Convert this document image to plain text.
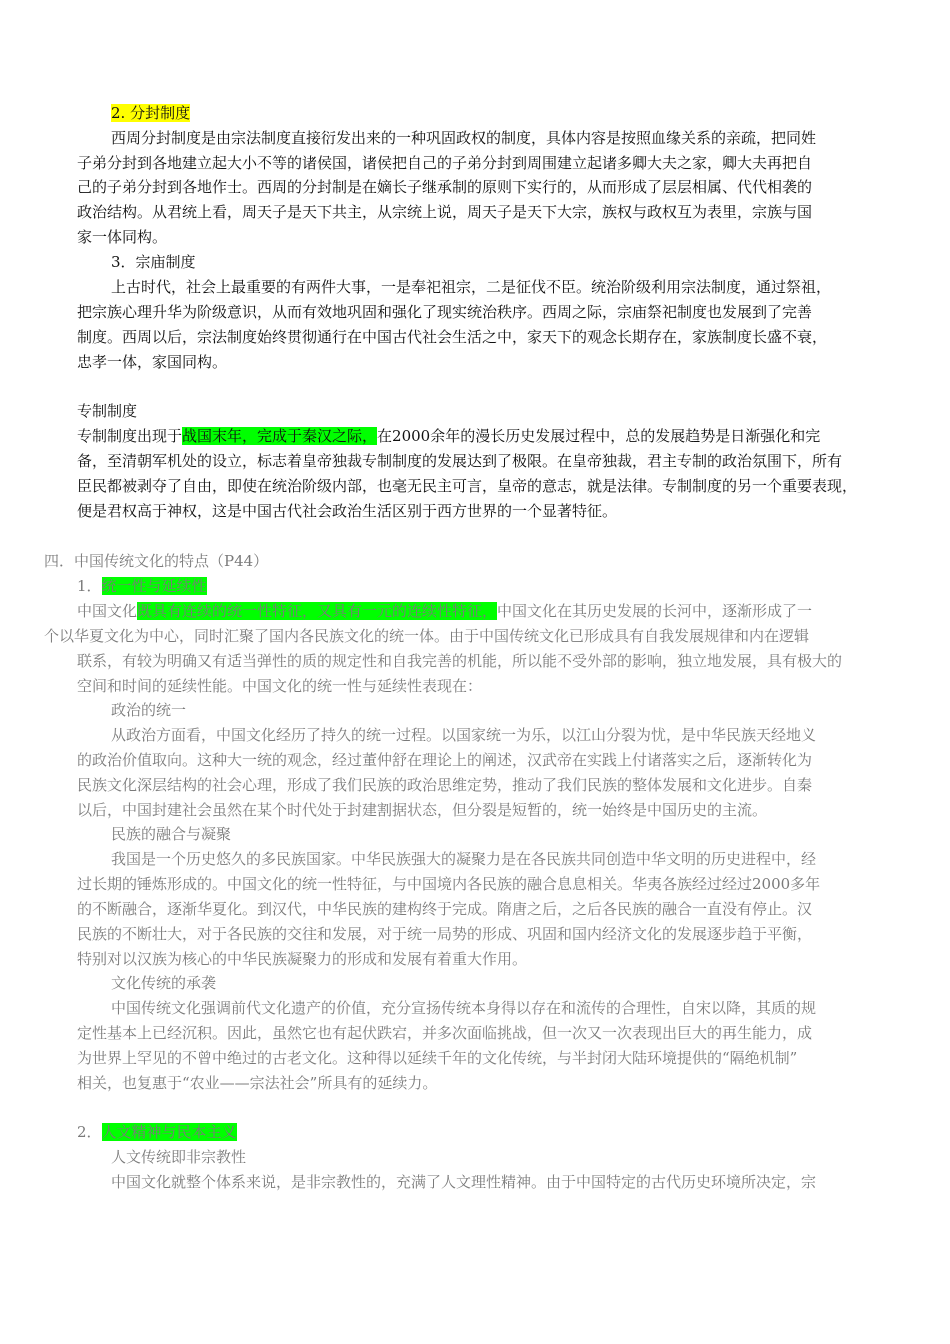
2. 分封制度
西周分封制度是由宗法制度直接衍发出来的一种巩固政权的制度，具体内容是按照血缘关系的亲疏，把同姓
子弟分封到各地建立起大小不等的诸侯国，诸侯把自己的子弟分封到周围建立起诸多卿大夫之家，卿大夫再把自
己的子弟分封到各地作士。西周的分封制是在嫡长子继承制的原则下实行的，从而形成了层层相属、代代相袭的
政治结构。从君统上看，周天子是天下共主，从宗统上说，周天子是天下大宗，族权与政权互为表里，宗族与国
家一体同构。
3．宗庙制度
上古时代，社会上最重要的有两件大事，一是奉祀祖宗，二是征伐不臣。统治阶级利用宗法制度，通过祭祖，
把宗族心理升华为阶级意识，从而有效地巩固和强化了现实统治秩序。西周之际，宗庙祭祀制度也发展到了完善
制度。西周以后，宗法制度始终贯彻通行在中国古代社会生活之中，家天下的观念长期存在，家族制度长盛不衰，
忠孝一体，家国同构。
专制制度
专制制度出现于战国末年，完成于秦汉之际，在2000余年的漫长历史发展过程中，总的发展趋势是日渐强化和完
备，至清朝军机处的设立，标志着皇帝独裁专制制度的发展达到了极限。在皇帝独裁，君主专制的政治氛围下，所有
臣民都被剥夺了自由，即使在统治阶级内部，也毫无民主可言，皇帝的意志，就是法律。专制制度的另一个重要表现，
便是君权高于神权，这是中国古代社会政治生活区别于西方世界的一个显著特征。
四．中国传统文化的特点（P44）
1．统一性与延续性
中国文化既具有连续的统一性特征，又具有一元的连续性特征，中国文化在其历史发展的长河中，逐渐形成了一
个以华夏文化为中心，同时汇聚了国内各民族文化的统一体。由于中国传统文化已形成具有自我发展规律和内在逻辑
联系，有较为明确又有适当弹性的质的规定性和自我完善的机能，所以能不受外部的影响，独立地发展，具有极大的
空间和时间的延续性能。中国文化的统一性与延续性表现在：
政治的统一
从政治方面看，中国文化经历了持久的统一过程。以国家统一为乐，以江山分裂为忧，是中华民族天经地义
的政治价值取向。这种大一统的观念，经过董仲舒在理论上的阐述，汉武帝在实践上付诸落实之后，逐渐转化为
民族文化深层结构的社会心理，形成了我们民族的政治思维定势，推动了我们民族的整体发展和文化进步。自秦
以后，中国封建社会虽然在某个时代处于封建割据状态，但分裂是短暂的，统一始终是中国历史的主流。
民族的融合与凝聚
我国是一个历史悠久的多民族国家。中华民族强大的凝聚力是在各民族共同创造中华文明的历史进程中，经
过长期的锤炼形成的。中国文化的统一性特征，与中国境内各民族的融合息息相关。华夷各族经过经过2000多年
的不断融合，逐渐华夏化。到汉代，中华民族的建构终于完成。隋唐之后，之后各民族的融合一直没有停止。汉
民族的不断壮大，对于各民族的交往和发展，对于统一局势的形成、巩固和国内经济文化的发展逐步趋于平衡，
特别对以汉族为核心的中华民族凝聚力的形成和发展有着重大作用。
文化传统的承袭
中国传统文化强调前代文化遗产的价值，充分宣扬传统本身得以存在和流传的合理性，自宋以降，其质的规
定性基本上已经沉积。因此，虽然它也有起伏跌宕，并多次面临挑战，但一次又一次表现出巨大的再生能力，成
为世界上罕见的不曾中绝过的古老文化。这种得以延续千年的文化传统，与半封闭大陆环境提供的“隔绝机制”
相关，也复惠于“农业——宗法社会”所具有的延续力。
2．人文精神与民本主义
人文传统即非宗教性
中国文化就整个体系来说，是非宗教性的，充满了人文理性精神。由于中国特定的古代历史环境所决定，宗
